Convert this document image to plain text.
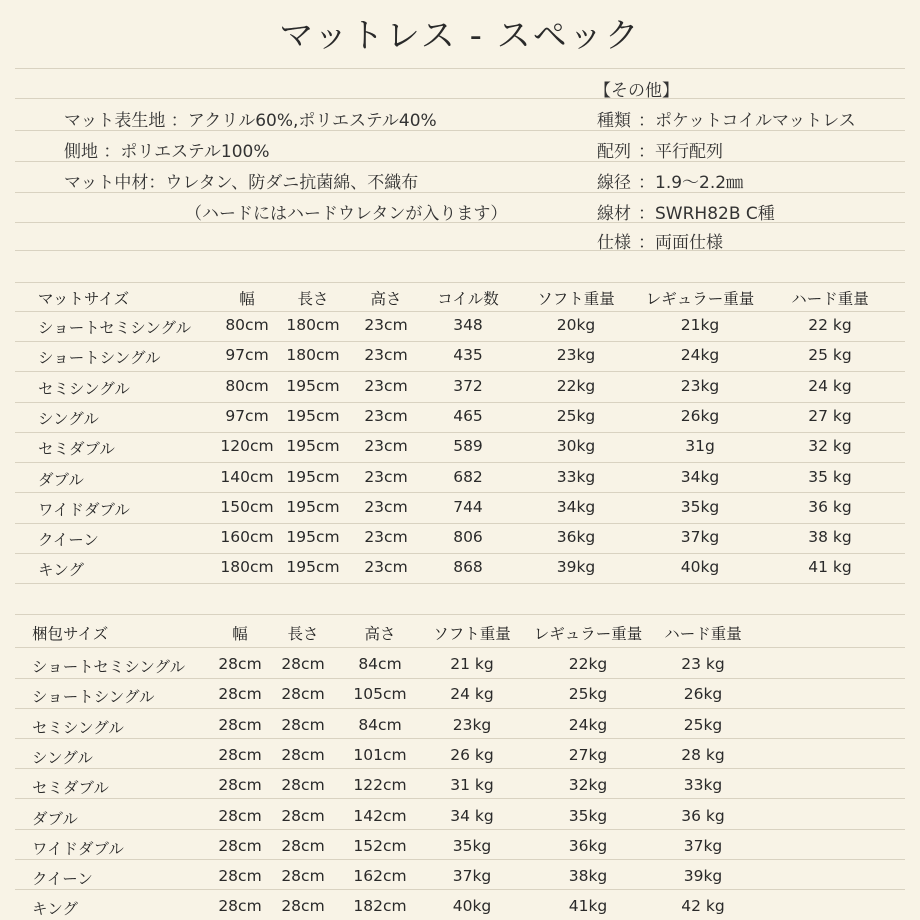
マットレス - スペック
マット表生地 ：アクリル60%,ポリエステル40%
側地 ：ポリエステル100%
マット中材：ウレタン、防ダニ抗菌綿、不織布
（ハードにはハードウレタンが入ります）
【その他】
種類 ：ポケットコイルマットレス
配列 ：平行配列
線径 ：1.9〜2.2㎜
線材 ：SWRH82B C種
仕様 ：両面仕様
マットサイズ	幅	長さ	高さ コイル数 ソフト重量 レギュラー重量 ハード重量
ショートセミシングル 80cm 180cm 23cm	348	20kg	21kg	22 kg
ショートシングル	97cm 180cm 23cm	435	23kg	24kg	25 kg
セミシングル	80cm 195cm 23cm	372	22kg	23kg	24 kg
シングル	97cm 195cm 23cm	465	25kg	26kg	27 kg
セミダブル	120cm 195cm 23cm	589	30kg	31g	32 kg
ダブル	140cm 195cm 23cm	682	33kg	34kg	35 kg
ワイドダブル	150cm 195cm 23cm	744	34kg	35kg	36 kg
クイーン	160cm 195cm 23cm	806	36kg	37kg	38 kg
キング	180cm 195cm 23cm	868	39kg	40kg	41 kg
梱包サイズ	幅	長さ	高さ ソフト重量 レギュラー重量 ハード重量
ショートセミシングル 28cm 28cm 84cm	21 kg	22kg	23 kg
ショートシングル	28cm 28cm 105cm	24 kg	25kg	26kg
セミシングル	28cm 28cm 84cm	23kg	24kg	25kg
シングル	28cm 28cm 101cm	26 kg	27kg	28 kg
セミダブル	28cm 28cm 122cm	31 kg	32kg	33kg
ダブル	28cm 28cm 142cm	34 kg	35kg	36 kg
ワイドダブル	28cm 28cm 152cm	35kg	36kg	37kg
クイーン	28cm 28cm 162cm	37kg	38kg	39kg
キング	28cm 28cm 182cm	40kg	41kg	42 kg
